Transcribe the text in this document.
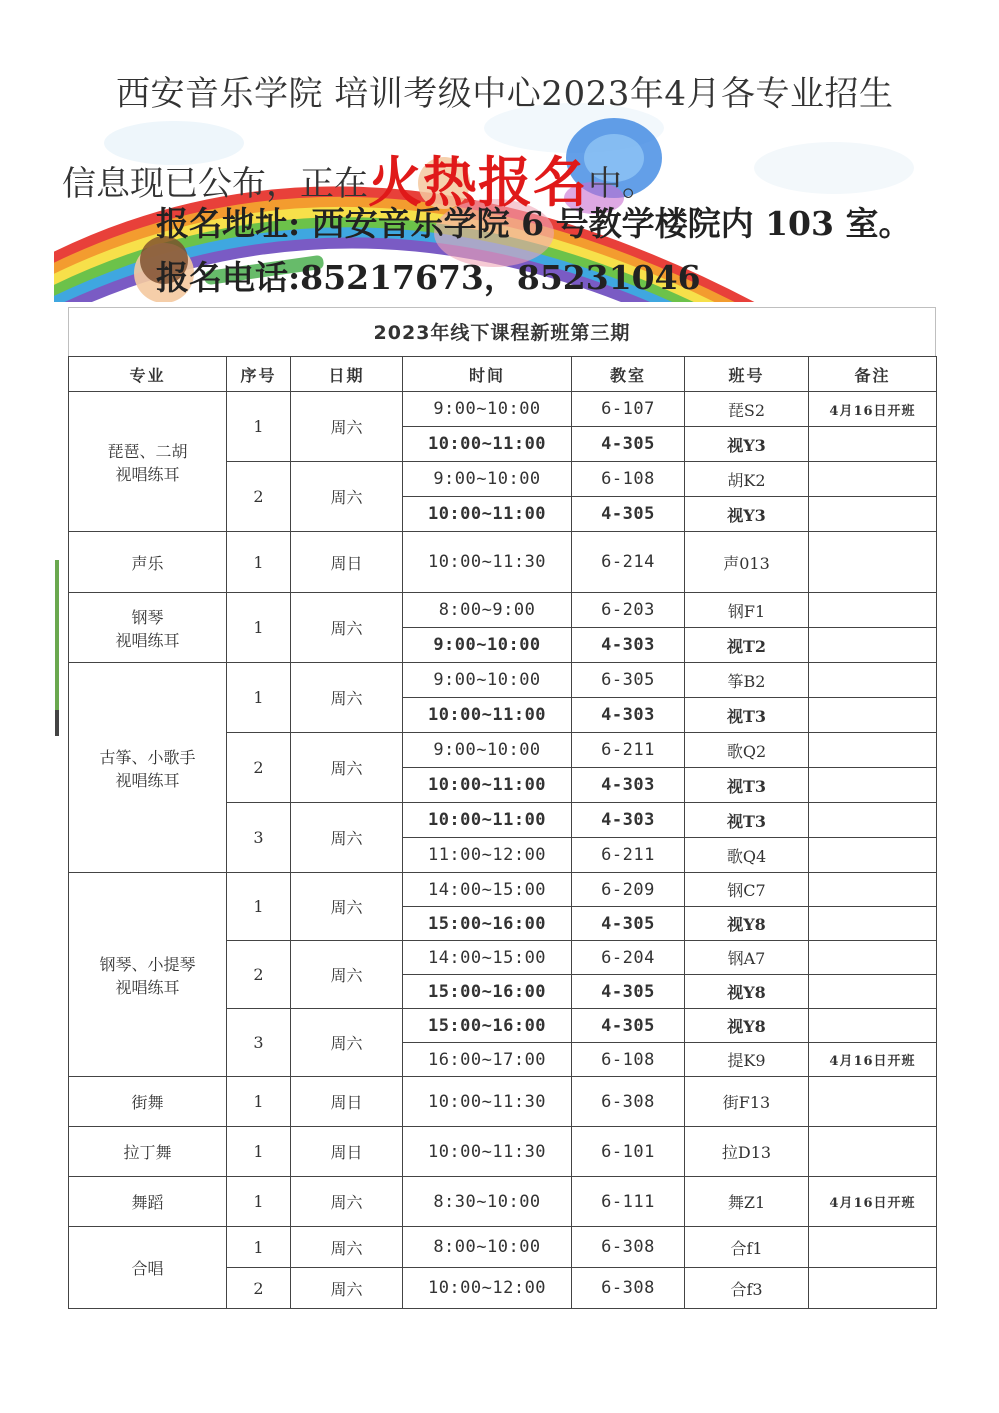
西安音乐学院 培训考级中心2023年4月各专业招生
信息现已公布，正在火热报名中。
报名地址: 西安音乐学院 6 号教学楼院内 103 室。
报名电话:85217673，85231046
2023年线下课程新班第三期
专业	序号	日期	时间	教室	班号	备注
琵琶、二胡
视唱练耳	1	周六	9:00~10:00	6-107	琵S2	4月16日开班
			10:00~11:00	4-305	视Y3	
	2	周六	9:00~10:00	6-108	胡K2	
			10:00~11:00	4-305	视Y3	
声乐	1	周日	10:00~11:30	6-214	声013	
钢琴
视唱练耳	1	周六	8:00~9:00	6-203	钢F1	
			9:00~10:00	4-303	视T2	
古筝、小歌手
视唱练耳	1	周六	9:00~10:00	6-305	筝B2	
			10:00~11:00	4-303	视T3	
	2	周六	9:00~10:00	6-211	歌Q2	
			10:00~11:00	4-303	视T3	
	3	周六	10:00~11:00	4-303	视T3	
			11:00~12:00	6-211	歌Q4	
钢琴、小提琴
视唱练耳	1	周六	14:00~15:00	6-209	钢C7	
			15:00~16:00	4-305	视Y8	
	2	周六	14:00~15:00	6-204	钢A7	
			15:00~16:00	4-305	视Y8	
	3	周六	15:00~16:00	4-305	视Y8	
			16:00~17:00	6-108	提K9	4月16日开班
街舞	1	周日	10:00~11:30	6-308	街F13	
拉丁舞	1	周日	10:00~11:30	6-101	拉D13	
舞蹈	1	周六	8:30~10:00	6-111	舞Z1	4月16日开班
合唱	1	周六	8:00~10:00	6-308	合f1	
	2	周六	10:00~12:00	6-308	合f3	
